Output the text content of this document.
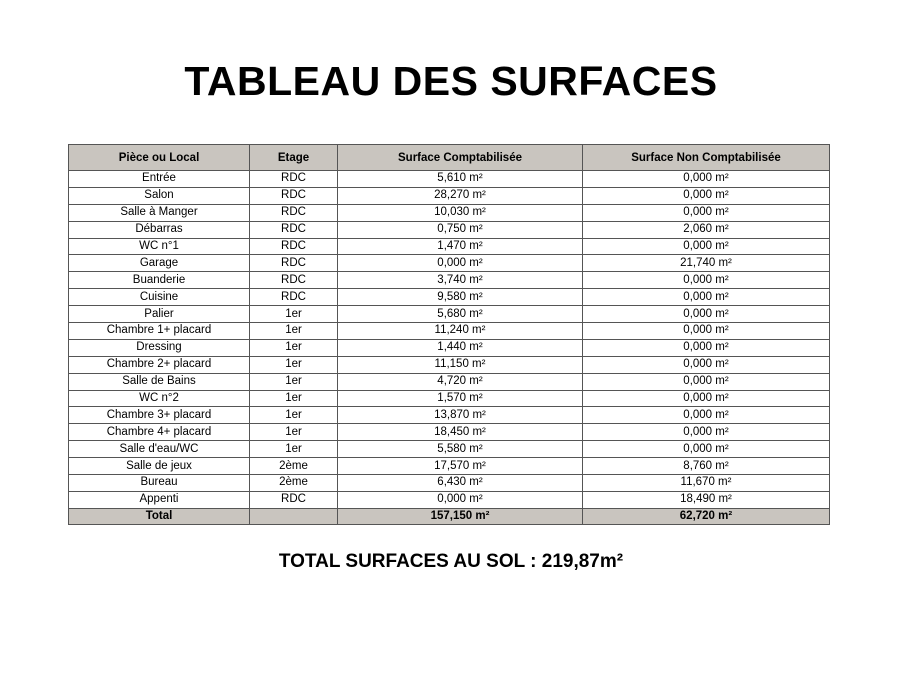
TABLEAU DES SURFACES
Pièce ou Local	Etage	Surface Comptabilisée	Surface Non Comptabilisée
Entrée	RDC	5,610 m²	0,000 m²
Salon	RDC	28,270 m²	0,000 m²
Salle à Manger	RDC	10,030 m²	0,000 m²
Débarras	RDC	0,750 m²	2,060 m²
WC n°1	RDC	1,470 m²	0,000 m²
Garage	RDC	0,000 m²	21,740 m²
Buanderie	RDC	3,740 m²	0,000 m²
Cuisine	RDC	9,580 m²	0,000 m²
Palier	1er	5,680 m²	0,000 m²
Chambre 1+ placard	1er	11,240 m²	0,000 m²
Dressing	1er	1,440 m²	0,000 m²
Chambre 2+ placard	1er	11,150 m²	0,000 m²
Salle de Bains	1er	4,720 m²	0,000 m²
WC n°2	1er	1,570 m²	0,000 m²
Chambre 3+ placard	1er	13,870 m²	0,000 m²
Chambre 4+ placard	1er	18,450 m²	0,000 m²
Salle d'eau/WC	1er	5,580 m²	0,000 m²
Salle de jeux	2ème	17,570 m²	8,760 m²
Bureau	2ème	6,430 m²	11,670 m²
Appenti	RDC	0,000 m²	18,490 m²
Total		157,150 m²	62,720 m²
TOTAL SURFACES AU SOL : 219,87m²
